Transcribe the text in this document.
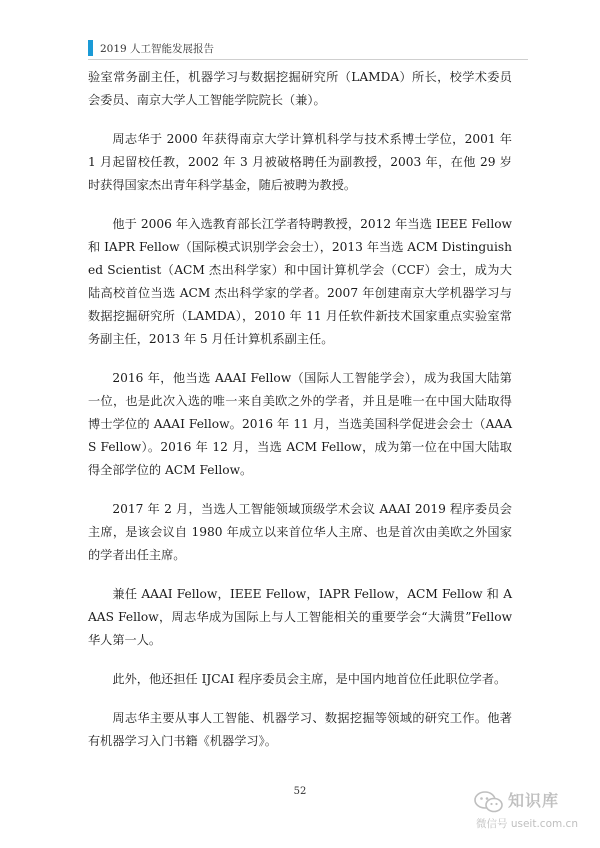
2019 人工智能发展报告

验室常务副主任，机器学习与数据挖掘研究所（LAMDA）所长，校学术委员会委员、南京大学人工智能学院院长（兼）。

周志华于 2000 年获得南京大学计算机科学与技术系博士学位，2001 年 1 月起留校任教，2002 年 3 月被破格聘任为副教授，2003 年，在他 29 岁时获得国家杰出青年科学基金，随后被聘为教授。

他于 2006 年入选教育部长江学者特聘教授，2012 年当选 IEEE Fellow 和 IAPR Fellow（国际模式识别学会会士），2013 年当选 ACM Distinguished Scientist（ACM 杰出科学家）和中国计算机学会（CCF）会士，成为大陆高校首位当选 ACM 杰出科学家的学者。2007 年创建南京大学机器学习与数据挖掘研究所（LAMDA），2010 年 11 月任软件新技术国家重点实验室常务副主任，2013 年 5 月任计算机系副主任。

2016 年，他当选 AAAI Fellow（国际人工智能学会），成为我国大陆第一位，也是此次入选的唯一来自美欧之外的学者，并且是唯一在中国大陆取得博士学位的 AAAI Fellow。2016 年 11 月，当选美国科学促进会会士（AAAS Fellow）。2016 年 12 月，当选 ACM Fellow，成为第一位在中国大陆取得全部学位的 ACM Fellow。

2017 年 2 月，当选人工智能领域顶级学术会议 AAAI 2019 程序委员会主席，是该会议自 1980 年成立以来首位华人主席、也是首次由美欧之外国家的学者出任主席。

兼任 AAAI Fellow，IEEE Fellow，IAPR Fellow，ACM Fellow 和 AAAS Fellow，周志华成为国际上与人工智能相关的重要学会“大满贯”Fellow 华人第一人。

此外，他还担任 IJCAI 程序委员会主席，是中国内地首位任此职位学者。

周志华主要从事人工智能、机器学习、数据挖掘等领域的研究工作。他著有机器学习入门书籍《机器学习》。

52	知识库
微信号 useit.com.cn
